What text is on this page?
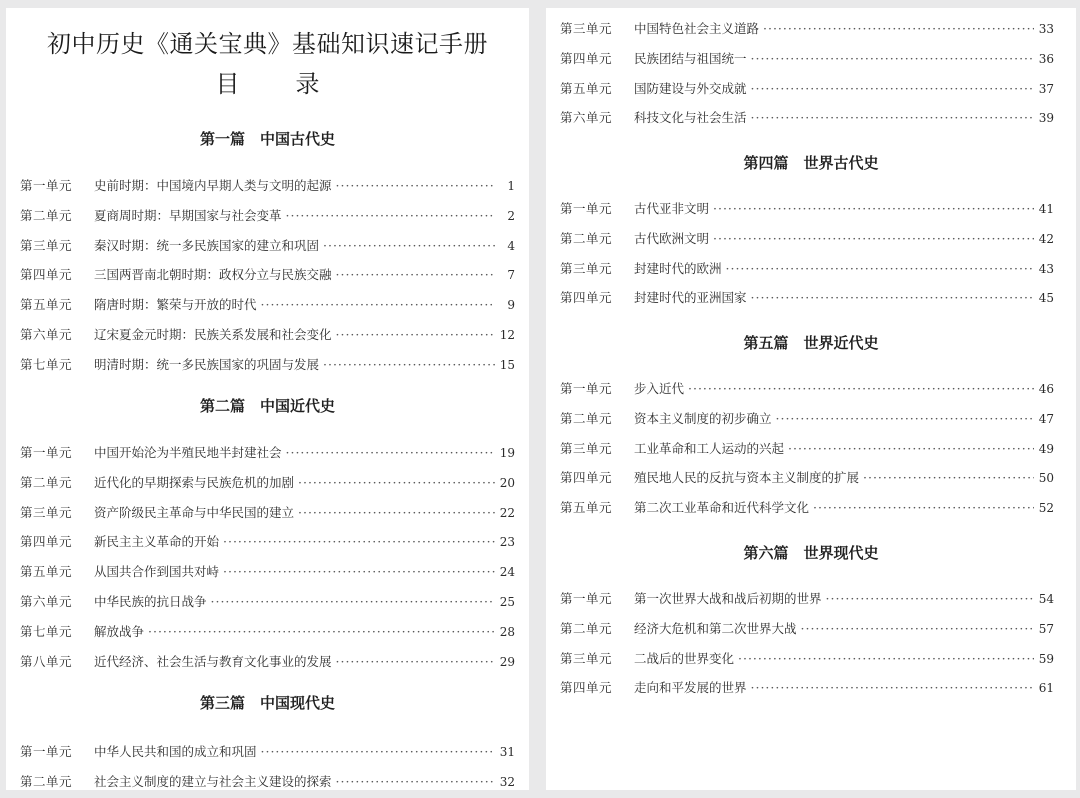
初中历史《通关宝典》基础知识速记手册
目录
第一篇　中国古代史
第一单元	史前时期：中国境内早期人类与文明的起源 ·····	1
第二单元	夏商周时期：早期国家与社会变革 ·····	2
第三单元	秦汉时期：统一多民族国家的建立和巩固 ·····	4
第四单元	三国两晋南北朝时期：政权分立与民族交融 ·····	7
第五单元	隋唐时期：繁荣与开放的时代 ·····	9
第六单元	辽宋夏金元时期：民族关系发展和社会变化 ·····	12
第七单元	明清时期：统一多民族国家的巩固与发展 ·····	15
第二篇　中国近代史
第一单元	中国开始沦为半殖民地半封建社会 ·····	19
第二单元	近代化的早期探索与民族危机的加剧 ·····	20
第三单元	资产阶级民主革命与中华民国的建立 ·····	22
第四单元	新民主主义革命的开始 ·····	23
第五单元	从国共合作到国共对峙 ·····	24
第六单元	中华民族的抗日战争 ·····	25
第七单元	解放战争 ·····	28
第八单元	近代经济、社会生活与教育文化事业的发展 ·····	29
第三篇　中国现代史
第一单元	中华人民共和国的成立和巩固 ·····	31
第二单元	社会主义制度的建立与社会主义建设的探索 ·····	32
第三单元	中国特色社会主义道路 ·····	33
第四单元	民族团结与祖国统一 ·····	36
第五单元	国防建设与外交成就 ·····	37
第六单元	科技文化与社会生活 ·····	39
第四篇　世界古代史
第一单元	古代亚非文明 ·····	41
第二单元	古代欧洲文明 ·····	42
第三单元	封建时代的欧洲 ·····	43
第四单元	封建时代的亚洲国家 ·····	45
第五篇　世界近代史
第一单元	步入近代 ·····	46
第二单元	资本主义制度的初步确立 ·····	47
第三单元	工业革命和工人运动的兴起 ·····	49
第四单元	殖民地人民的反抗与资本主义制度的扩展 ·····	50
第五单元	第二次工业革命和近代科学文化 ·····	52
第六篇　世界现代史
第一单元	第一次世界大战和战后初期的世界 ·····	54
第二单元	经济大危机和第二次世界大战 ·····	57
第三单元	二战后的世界变化 ·····	59
第四单元	走向和平发展的世界 ·····	61
